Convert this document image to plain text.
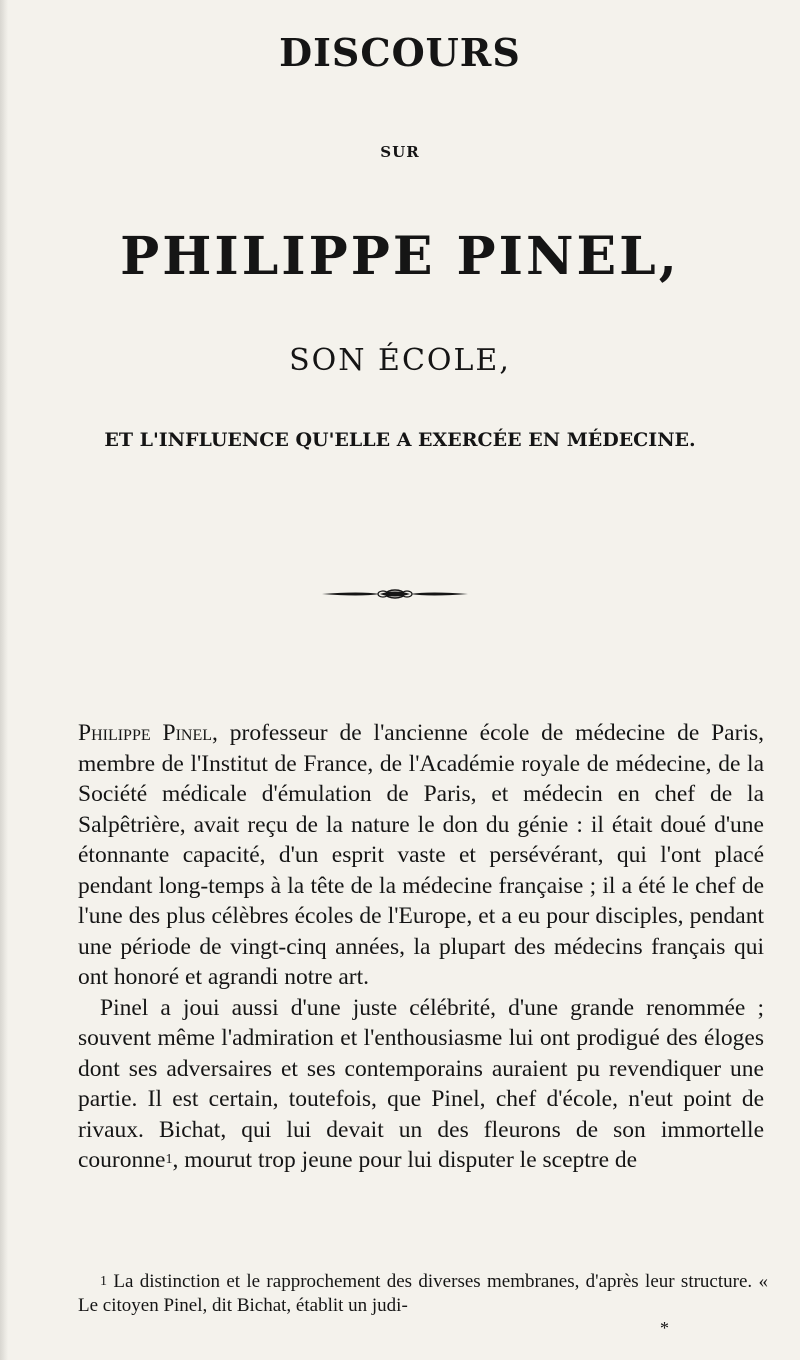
DISCOURS
SUR
PHILIPPE PINEL,
SON ÉCOLE,
ET L'INFLUENCE QU'ELLE A EXERCÉE EN MÉDECINE.

Philippe Pinel, professeur de l'ancienne école de médecine de Paris, membre de l'Institut de France, de l'Académie royale de médecine, de la Société médicale d'émulation de Paris, et médecin en chef de la Salpêtrière, avait reçu de la nature le don du génie : il était doué d'une étonnante capacité, d'un esprit vaste et persévérant, qui l'ont placé pendant long-temps à la tête de la médecine française ; il a été le chef de l'une des plus célèbres écoles de l'Europe, et a eu pour disciples, pendant une période de vingt-cinq années, la plupart des médecins français qui ont honoré et agrandi notre art.

Pinel a joui aussi d'une juste célébrité, d'une grande renommée ; souvent même l'admiration et l'enthousiasme lui ont prodigué des éloges dont ses adversaires et ses contemporains auraient pu revendiquer une partie. Il est certain, toutefois, que Pinel, chef d'école, n'eut point de rivaux. Bichat, qui lui devait un des fleurons de son immortelle couronne$^1$, mourut trop jeune pour lui disputer le sceptre de

$^1$ La distinction et le rapprochement des diverses membranes, d'après leur structure. « Le citoyen Pinel, dit Bichat, établit un judi-
*
